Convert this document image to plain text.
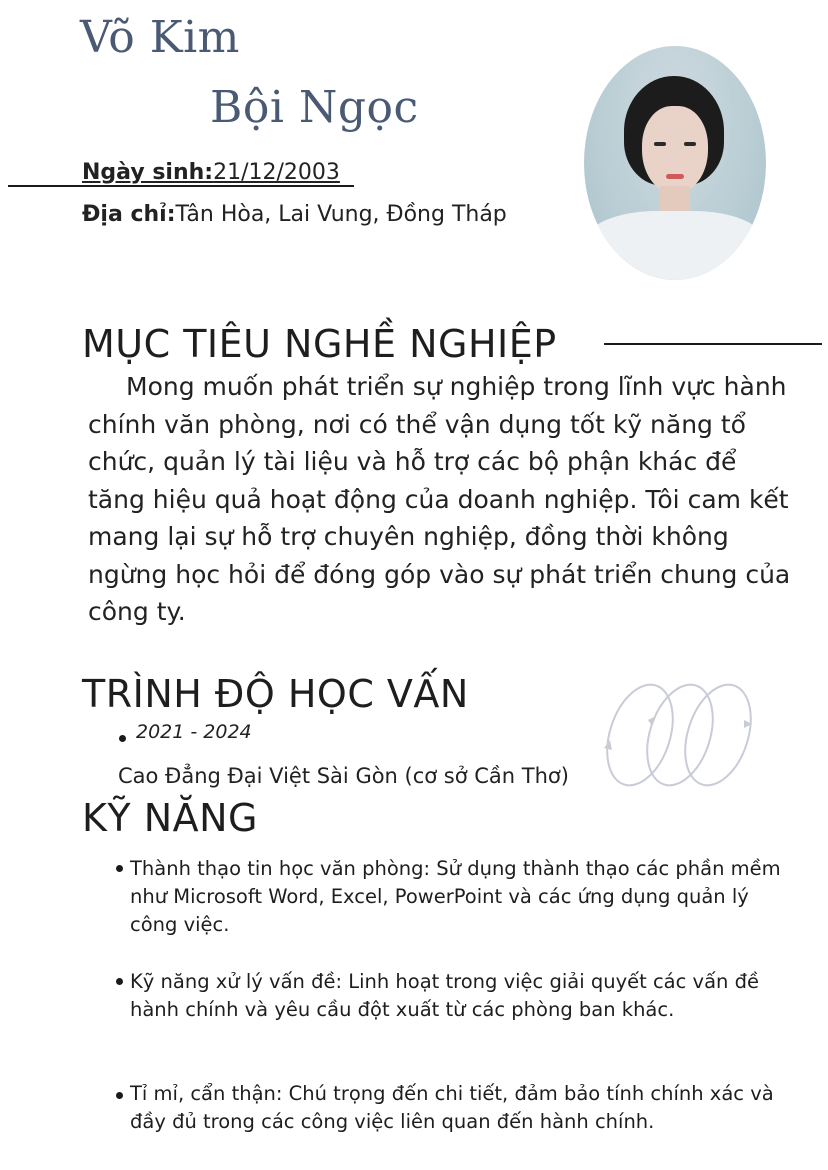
Võ Kim
Bội Ngọc
Ngày sinh:21/12/2003
Địa chỉ:Tân Hòa, Lai Vung, Đồng Tháp
MỤC TIÊU NGHỀ NGHIỆP
Mong muốn phát triển sự nghiệp trong lĩnh vực hành chính văn phòng, nơi có thể vận dụng tốt kỹ năng tổ chức, quản lý tài liệu và hỗ trợ các bộ phận khác để tăng hiệu quả hoạt động của doanh nghiệp. Tôi cam kết mang lại sự hỗ trợ chuyên nghiệp, đồng thời không ngừng học hỏi để đóng góp vào sự phát triển chung của công ty.
TRÌNH ĐỘ HỌC VẤN
2021 - 2024
Cao Đẳng Đại Việt Sài Gòn (cơ sở Cần Thơ)
KỸ NĂNG
Thành thạo tin học văn phòng: Sử dụng thành thạo các phần mềm như Microsoft Word, Excel, PowerPoint và các ứng dụng quản lý công việc.
Kỹ năng xử lý vấn đề: Linh hoạt trong việc giải quyết các vấn đề hành chính và yêu cầu đột xuất từ các phòng ban khác.
Tỉ mỉ, cẩn thận: Chú trọng đến chi tiết, đảm bảo tính chính xác và đầy đủ trong các công việc liên quan đến hành chính.
